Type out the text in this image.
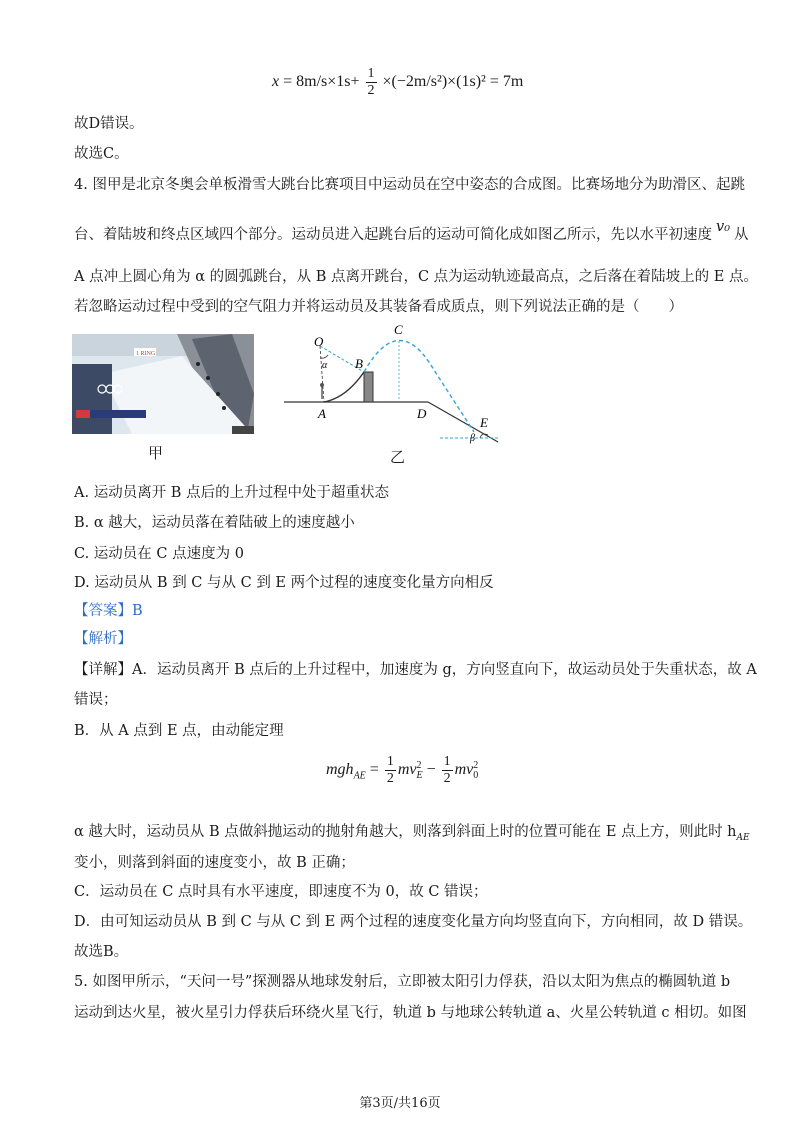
$x = 8m/s\times 1s+ \frac{1}{2} \times(-2m/s^2)\times(1s)^2 = 7m$
故D错误。
故选C。
4. 图甲是北京冬奥会单板滑雪大跳台比赛项目中运动员在空中姿态的合成图。比赛场地分为助滑区、起跳
台、着陆坡和终点区域四个部分。运动员进入起跳台后的运动可简化成如图乙所示，先以水平初速度 v₀ 从
A 点冲上圆心角为 α 的圆弧跳台，从 B 点离开跳台，C 点为运动轨迹最高点，之后落在着陆坡上的 E 点。
若忽略运动过程中受到的空气阻力并将运动员及其装备看成质点，则下列说法正确的是（　　）
1 RING
甲
O
α B
C
A	D
E
β
乙
A. 运动员离开 B 点后的上升过程中处于超重状态
B. α 越大，运动员落在着陆破上的速度越小
C. 运动员在 C 点速度为 0
D. 运动员从 B 到 C 与从 C 到 E 两个过程的速度变化量方向相反
【答案】B
【解析】
【详解】A．运动员离开 B 点后的上升过程中，加速度为 g，方向竖直向下，故运动员处于失重状态，故 A
错误；
B．从 A 点到 E 点，由动能定理
$mgh_{AE} = \frac{1}{2} mv^2_E - \frac{1}{2} mv^2_0$
α 越大时，运动员从 B 点做斜抛运动的抛射角越大，则落到斜面上时的位置可能在 E 点上方，则此时 $h_{AE}$
变小，则落到斜面的速度变小，故 B 正确；
C．运动员在 C 点时具有水平速度，即速度不为 0，故 C 错误；
D．由可知运动员从 B 到 C 与从 C 到 E 两个过程的速度变化量方向均竖直向下，方向相同，故 D 错误。
故选B。
5. 如图甲所示，“天问一号”探测器从地球发射后，立即被太阳引力俘获，沿以太阳为焦点的椭圆轨道 b
运动到达火星，被火星引力俘获后环绕火星飞行，轨道 b 与地球公转轨道 a、火星公转轨道 c 相切。如图
第3页/共16页
